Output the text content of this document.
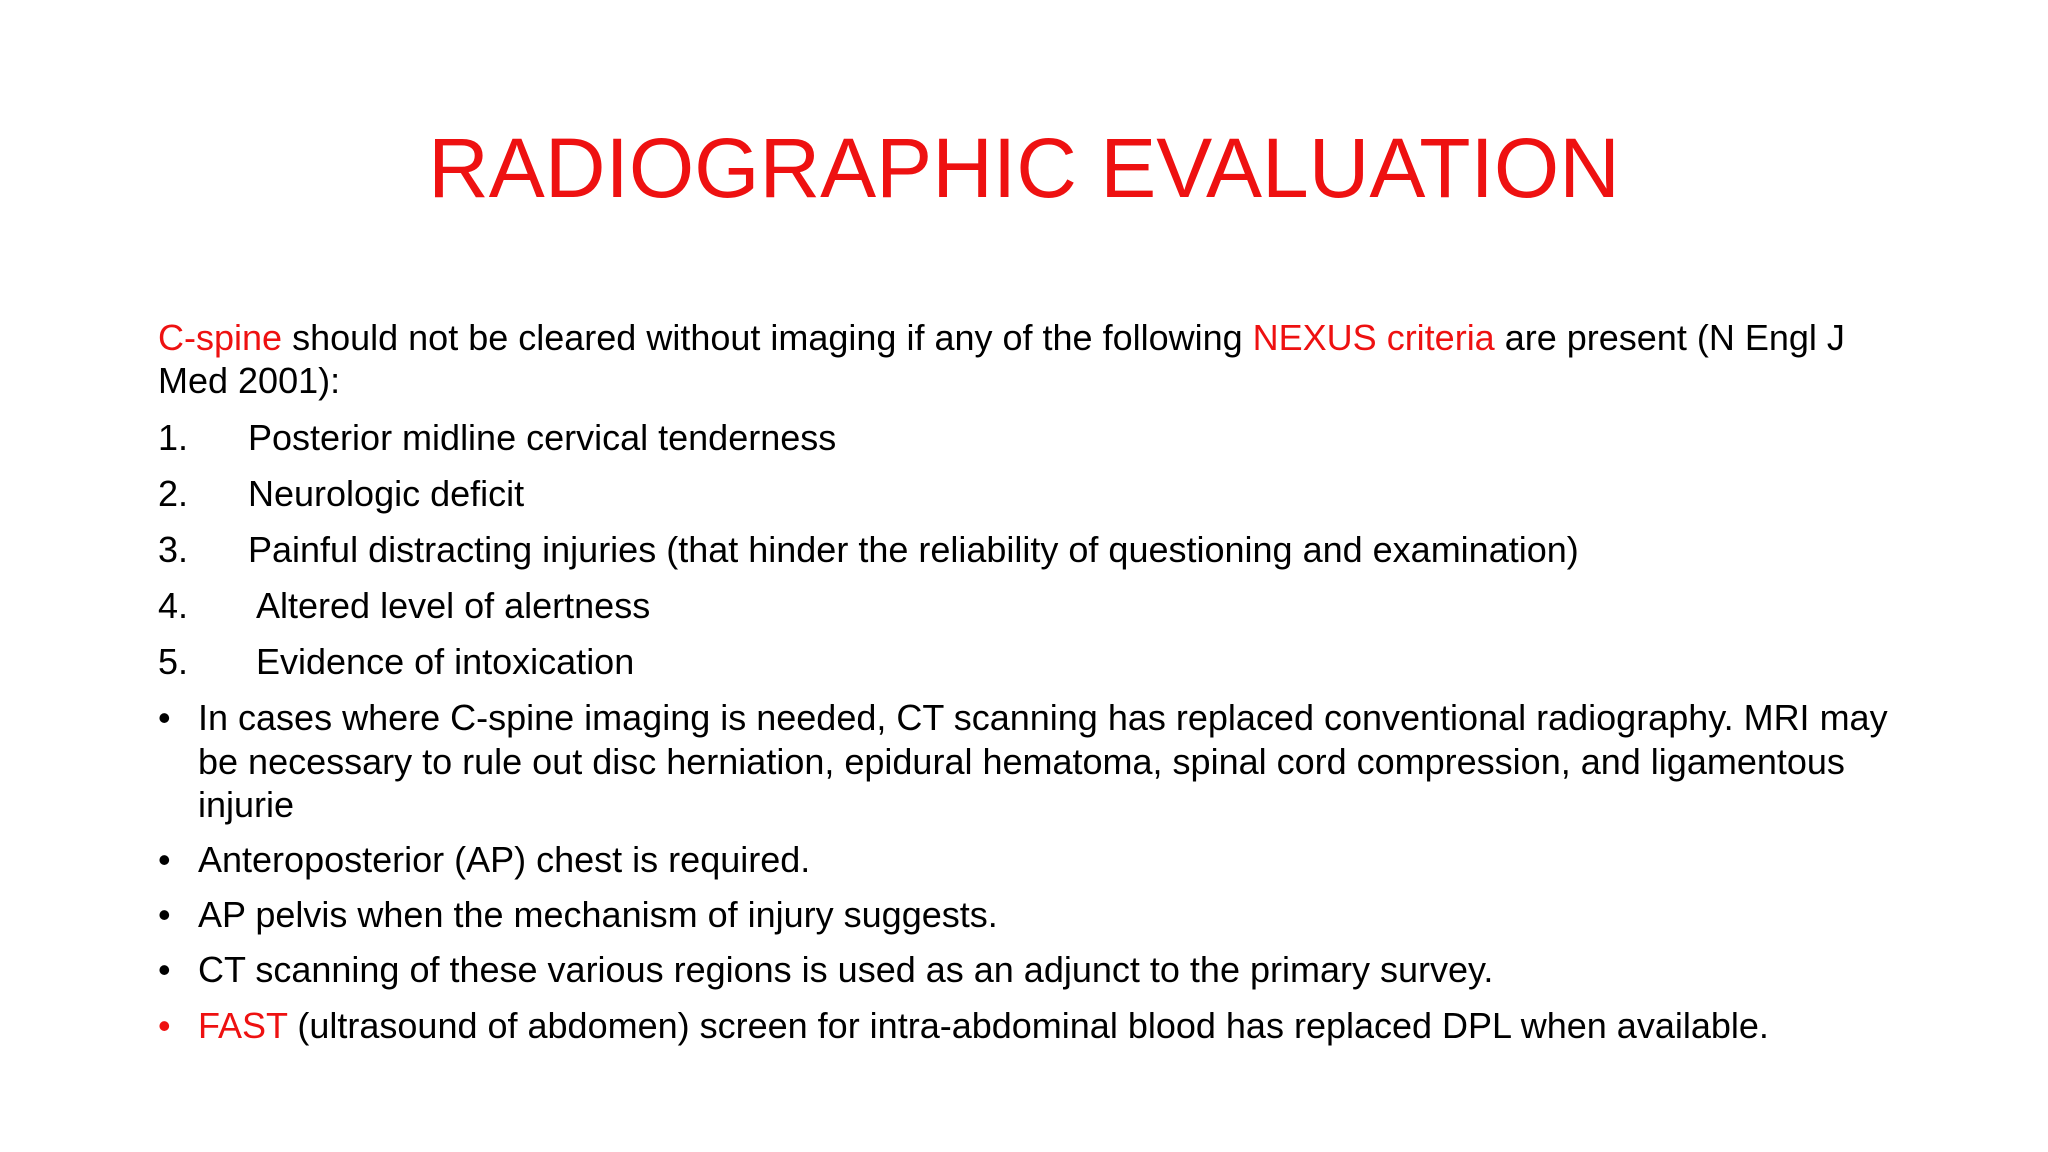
RADIOGRAPHIC EVALUATION

C-spine should not be cleared without imaging if any of the following NEXUS criteria are present (N Engl J Med 2001):

1. Posterior midline cervical tenderness
2. Neurologic deficit
3. Painful distracting injuries (that hinder the reliability of questioning and examination)
4. Altered level of alertness
5. Evidence of intoxication
• In cases where C-spine imaging is needed, CT scanning has replaced conventional radiography. MRI may be necessary to rule out disc herniation, epidural hematoma, spinal cord compression, and ligamentous injurie
• Anteroposterior (AP) chest is required.
• AP pelvis when the mechanism of injury suggests.
• CT scanning of these various regions is used as an adjunct to the primary survey.
• FAST (ultrasound of abdomen) screen for intra-abdominal blood has replaced DPL when available.
